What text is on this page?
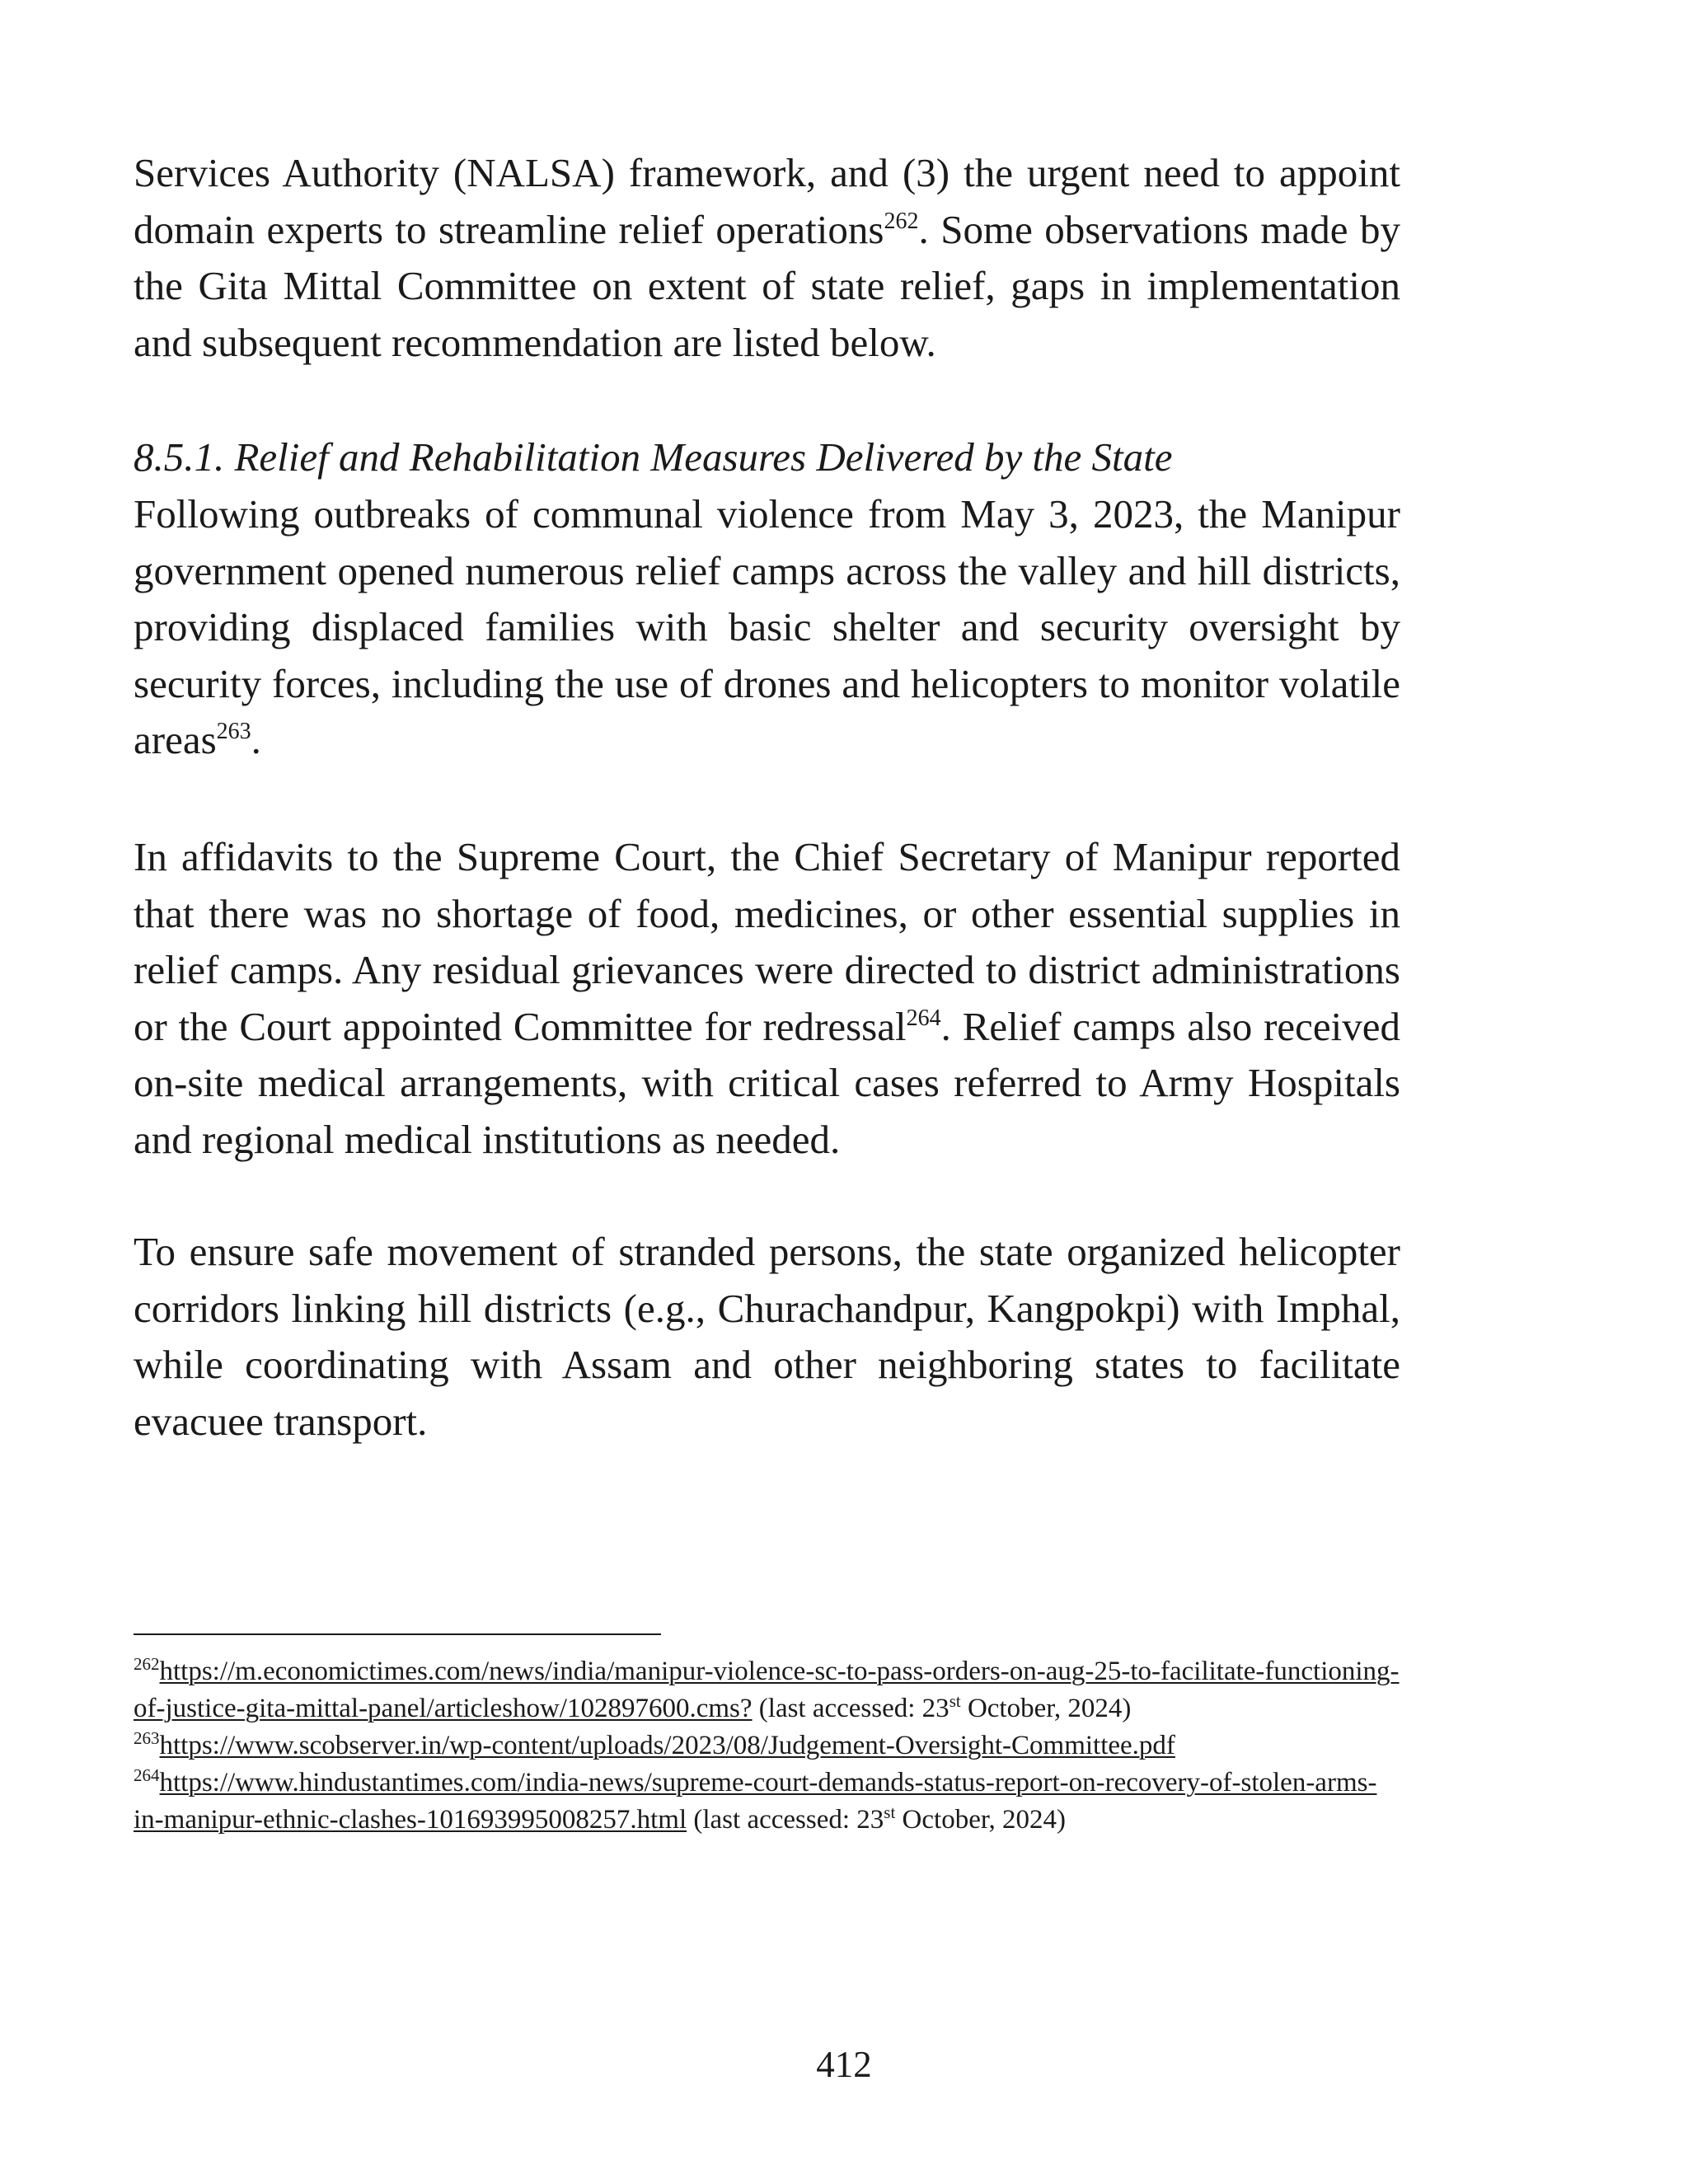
Services Authority (NALSA) framework, and (3) the urgent need to appoint domain experts to streamline relief operations$^{262}$. Some observations made by the Gita Mittal Committee on extent of state relief, gaps in implementation and subsequent recommendation are listed below.

8.5.1. Relief and Rehabilitation Measures Delivered by the State

Following outbreaks of communal violence from May 3, 2023, the Manipur government opened numerous relief camps across the valley and hill districts, providing displaced families with basic shelter and security oversight by security forces, including the use of drones and helicopters to monitor volatile areas$^{263}$.

In affidavits to the Supreme Court, the Chief Secretary of Manipur reported that there was no shortage of food, medicines, or other essential supplies in relief camps. Any residual grievances were directed to district administrations or the Court appointed Committee for redressal$^{264}$. Relief camps also received on-site medical arrangements, with critical cases referred to Army Hospitals and regional medical institutions as needed.

To ensure safe movement of stranded persons, the state organized helicopter corridors linking hill districts (e.g., Churachandpur, Kangpokpi) with Imphal, while coordinating with Assam and other neighboring states to facilitate evacuee transport.

$^{262}$https://m.economictimes.com/news/india/manipur-violence-sc-to-pass-orders-on-aug-25-to-facilitate-functioning-of-justice-gita-mittal-panel/articleshow/102897600.cms? (last accessed: 23st October, 2024)

$^{263}$https://www.scobserver.in/wp-content/uploads/2023/08/Judgement-Oversight-Committee.pdf

$^{264}$https://www.hindustantimes.com/india-news/supreme-court-demands-status-report-on-recovery-of-stolen-arms-in-manipur-ethnic-clashes-101693995008257.html (last accessed: 23st October, 2024)

412
